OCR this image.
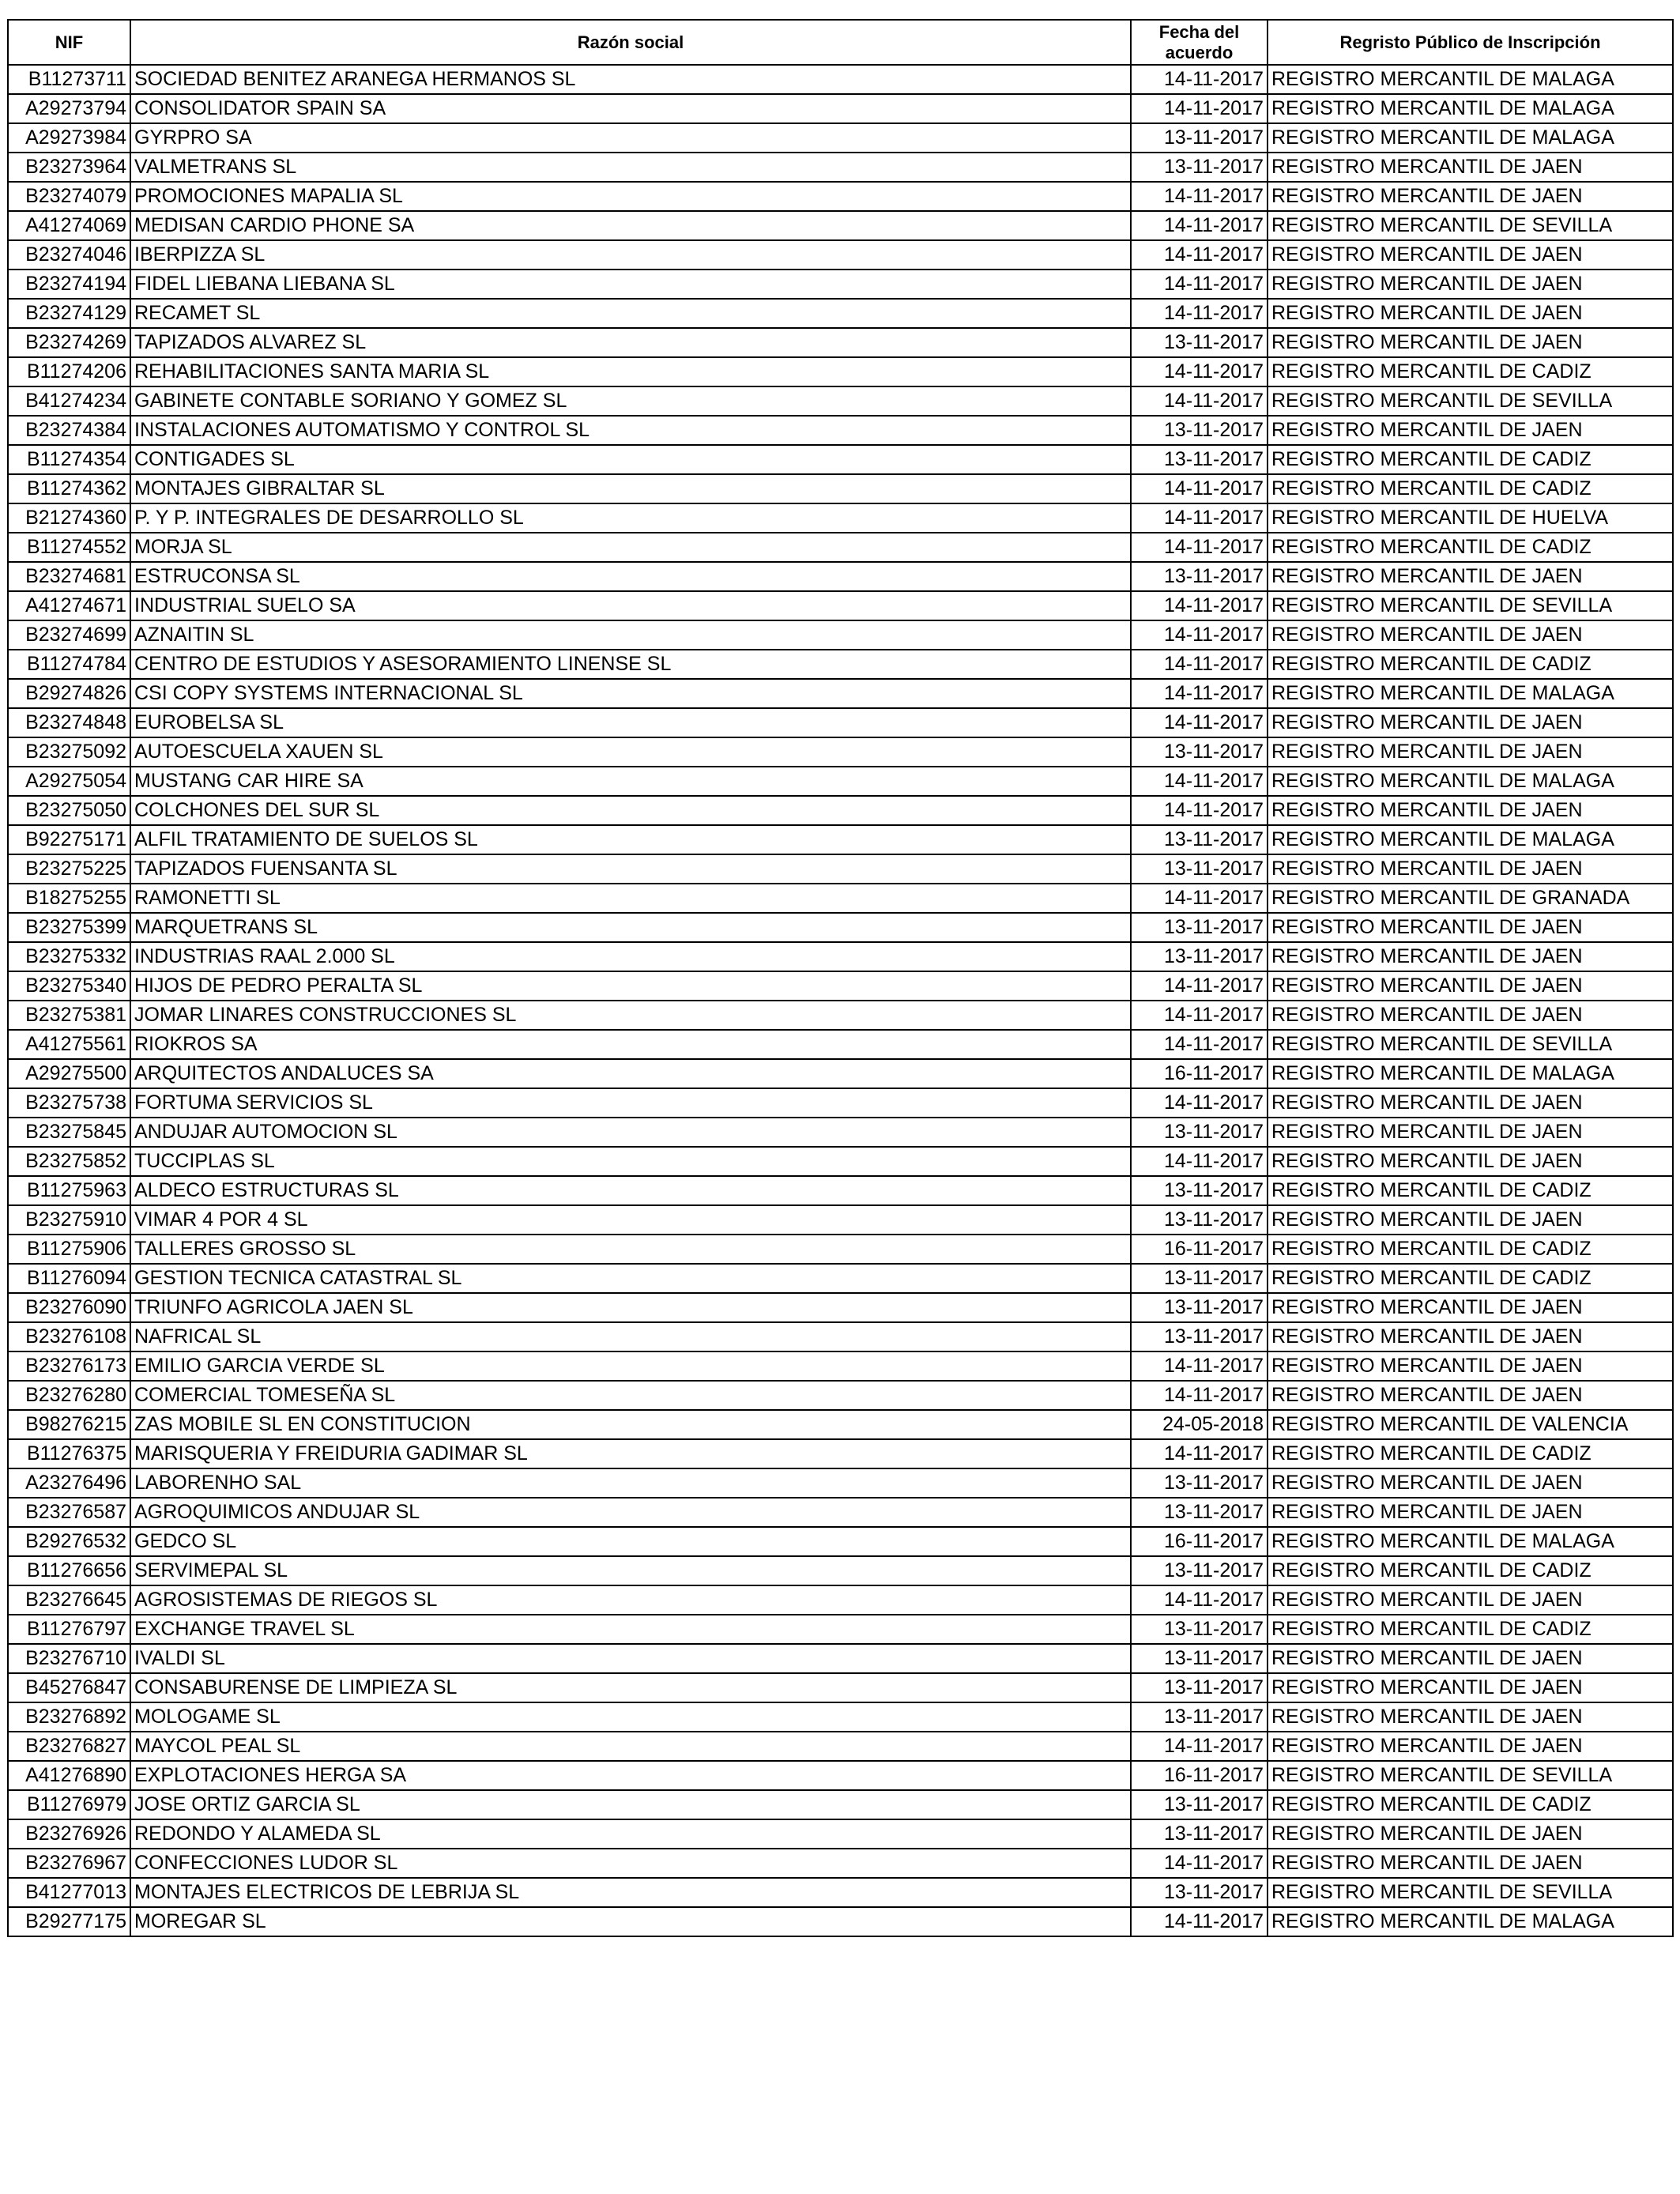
NIF	Razón social	Fecha del acuerdo	Regristo Público de Inscripción
B11273711	SOCIEDAD BENITEZ ARANEGA HERMANOS SL	14-11-2017	REGISTRO MERCANTIL DE MALAGA
A29273794	CONSOLIDATOR SPAIN SA	14-11-2017	REGISTRO MERCANTIL DE MALAGA
A29273984	GYRPRO SA	13-11-2017	REGISTRO MERCANTIL DE MALAGA
B23273964	VALMETRANS SL	13-11-2017	REGISTRO MERCANTIL DE JAEN
B23274079	PROMOCIONES MAPALIA SL	14-11-2017	REGISTRO MERCANTIL DE JAEN
A41274069	MEDISAN CARDIO PHONE SA	14-11-2017	REGISTRO MERCANTIL DE SEVILLA
B23274046	IBERPIZZA SL	14-11-2017	REGISTRO MERCANTIL DE JAEN
B23274194	FIDEL LIEBANA LIEBANA SL	14-11-2017	REGISTRO MERCANTIL DE JAEN
B23274129	RECAMET SL	14-11-2017	REGISTRO MERCANTIL DE JAEN
B23274269	TAPIZADOS ALVAREZ SL	13-11-2017	REGISTRO MERCANTIL DE JAEN
B11274206	REHABILITACIONES SANTA MARIA SL	14-11-2017	REGISTRO MERCANTIL DE CADIZ
B41274234	GABINETE CONTABLE SORIANO Y GOMEZ SL	14-11-2017	REGISTRO MERCANTIL DE SEVILLA
B23274384	INSTALACIONES AUTOMATISMO Y CONTROL SL	13-11-2017	REGISTRO MERCANTIL DE JAEN
B11274354	CONTIGADES SL	13-11-2017	REGISTRO MERCANTIL DE CADIZ
B11274362	MONTAJES GIBRALTAR SL	14-11-2017	REGISTRO MERCANTIL DE CADIZ
B21274360	P. Y P. INTEGRALES DE DESARROLLO SL	14-11-2017	REGISTRO MERCANTIL DE HUELVA
B11274552	MORJA SL	14-11-2017	REGISTRO MERCANTIL DE CADIZ
B23274681	ESTRUCONSA SL	13-11-2017	REGISTRO MERCANTIL DE JAEN
A41274671	INDUSTRIAL SUELO SA	14-11-2017	REGISTRO MERCANTIL DE SEVILLA
B23274699	AZNAITIN SL	14-11-2017	REGISTRO MERCANTIL DE JAEN
B11274784	CENTRO DE ESTUDIOS Y ASESORAMIENTO LINENSE SL	14-11-2017	REGISTRO MERCANTIL DE CADIZ
B29274826	CSI COPY SYSTEMS INTERNACIONAL SL	14-11-2017	REGISTRO MERCANTIL DE MALAGA
B23274848	EUROBELSA SL	14-11-2017	REGISTRO MERCANTIL DE JAEN
B23275092	AUTOESCUELA XAUEN SL	13-11-2017	REGISTRO MERCANTIL DE JAEN
A29275054	MUSTANG CAR HIRE SA	14-11-2017	REGISTRO MERCANTIL DE MALAGA
B23275050	COLCHONES DEL SUR SL	14-11-2017	REGISTRO MERCANTIL DE JAEN
B92275171	ALFIL TRATAMIENTO DE SUELOS SL	13-11-2017	REGISTRO MERCANTIL DE MALAGA
B23275225	TAPIZADOS FUENSANTA SL	13-11-2017	REGISTRO MERCANTIL DE JAEN
B18275255	RAMONETTI SL	14-11-2017	REGISTRO MERCANTIL DE GRANADA
B23275399	MARQUETRANS SL	13-11-2017	REGISTRO MERCANTIL DE JAEN
B23275332	INDUSTRIAS RAAL 2.000 SL	13-11-2017	REGISTRO MERCANTIL DE JAEN
B23275340	HIJOS DE PEDRO PERALTA SL	14-11-2017	REGISTRO MERCANTIL DE JAEN
B23275381	JOMAR LINARES CONSTRUCCIONES SL	14-11-2017	REGISTRO MERCANTIL DE JAEN
A41275561	RIOKROS SA	14-11-2017	REGISTRO MERCANTIL DE SEVILLA
A29275500	ARQUITECTOS ANDALUCES SA	16-11-2017	REGISTRO MERCANTIL DE MALAGA
B23275738	FORTUMA SERVICIOS SL	14-11-2017	REGISTRO MERCANTIL DE JAEN
B23275845	ANDUJAR AUTOMOCION SL	13-11-2017	REGISTRO MERCANTIL DE JAEN
B23275852	TUCCIPLAS SL	14-11-2017	REGISTRO MERCANTIL DE JAEN
B11275963	ALDECO ESTRUCTURAS SL	13-11-2017	REGISTRO MERCANTIL DE CADIZ
B23275910	VIMAR 4 POR 4 SL	13-11-2017	REGISTRO MERCANTIL DE JAEN
B11275906	TALLERES GROSSO SL	16-11-2017	REGISTRO MERCANTIL DE CADIZ
B11276094	GESTION TECNICA CATASTRAL SL	13-11-2017	REGISTRO MERCANTIL DE CADIZ
B23276090	TRIUNFO AGRICOLA JAEN SL	13-11-2017	REGISTRO MERCANTIL DE JAEN
B23276108	NAFRICAL SL	13-11-2017	REGISTRO MERCANTIL DE JAEN
B23276173	EMILIO GARCIA VERDE SL	14-11-2017	REGISTRO MERCANTIL DE JAEN
B23276280	COMERCIAL TOMESEÑA SL	14-11-2017	REGISTRO MERCANTIL DE JAEN
B98276215	ZAS MOBILE SL EN CONSTITUCION	24-05-2018	REGISTRO MERCANTIL DE VALENCIA
B11276375	MARISQUERIA Y FREIDURIA GADIMAR SL	14-11-2017	REGISTRO MERCANTIL DE CADIZ
A23276496	LABORENHO SAL	13-11-2017	REGISTRO MERCANTIL DE JAEN
B23276587	AGROQUIMICOS ANDUJAR SL	13-11-2017	REGISTRO MERCANTIL DE JAEN
B29276532	GEDCO SL	16-11-2017	REGISTRO MERCANTIL DE MALAGA
B11276656	SERVIMEPAL SL	13-11-2017	REGISTRO MERCANTIL DE CADIZ
B23276645	AGROSISTEMAS DE RIEGOS SL	14-11-2017	REGISTRO MERCANTIL DE JAEN
B11276797	EXCHANGE TRAVEL SL	13-11-2017	REGISTRO MERCANTIL DE CADIZ
B23276710	IVALDI SL	13-11-2017	REGISTRO MERCANTIL DE JAEN
B45276847	CONSABURENSE DE LIMPIEZA SL	13-11-2017	REGISTRO MERCANTIL DE JAEN
B23276892	MOLOGAME SL	13-11-2017	REGISTRO MERCANTIL DE JAEN
B23276827	MAYCOL PEAL SL	14-11-2017	REGISTRO MERCANTIL DE JAEN
A41276890	EXPLOTACIONES HERGA SA	16-11-2017	REGISTRO MERCANTIL DE SEVILLA
B11276979	JOSE ORTIZ GARCIA SL	13-11-2017	REGISTRO MERCANTIL DE CADIZ
B23276926	REDONDO Y ALAMEDA SL	13-11-2017	REGISTRO MERCANTIL DE JAEN
B23276967	CONFECCIONES LUDOR SL	14-11-2017	REGISTRO MERCANTIL DE JAEN
B41277013	MONTAJES ELECTRICOS DE LEBRIJA SL	13-11-2017	REGISTRO MERCANTIL DE SEVILLA
B29277175	MOREGAR SL	14-11-2017	REGISTRO MERCANTIL DE MALAGA
